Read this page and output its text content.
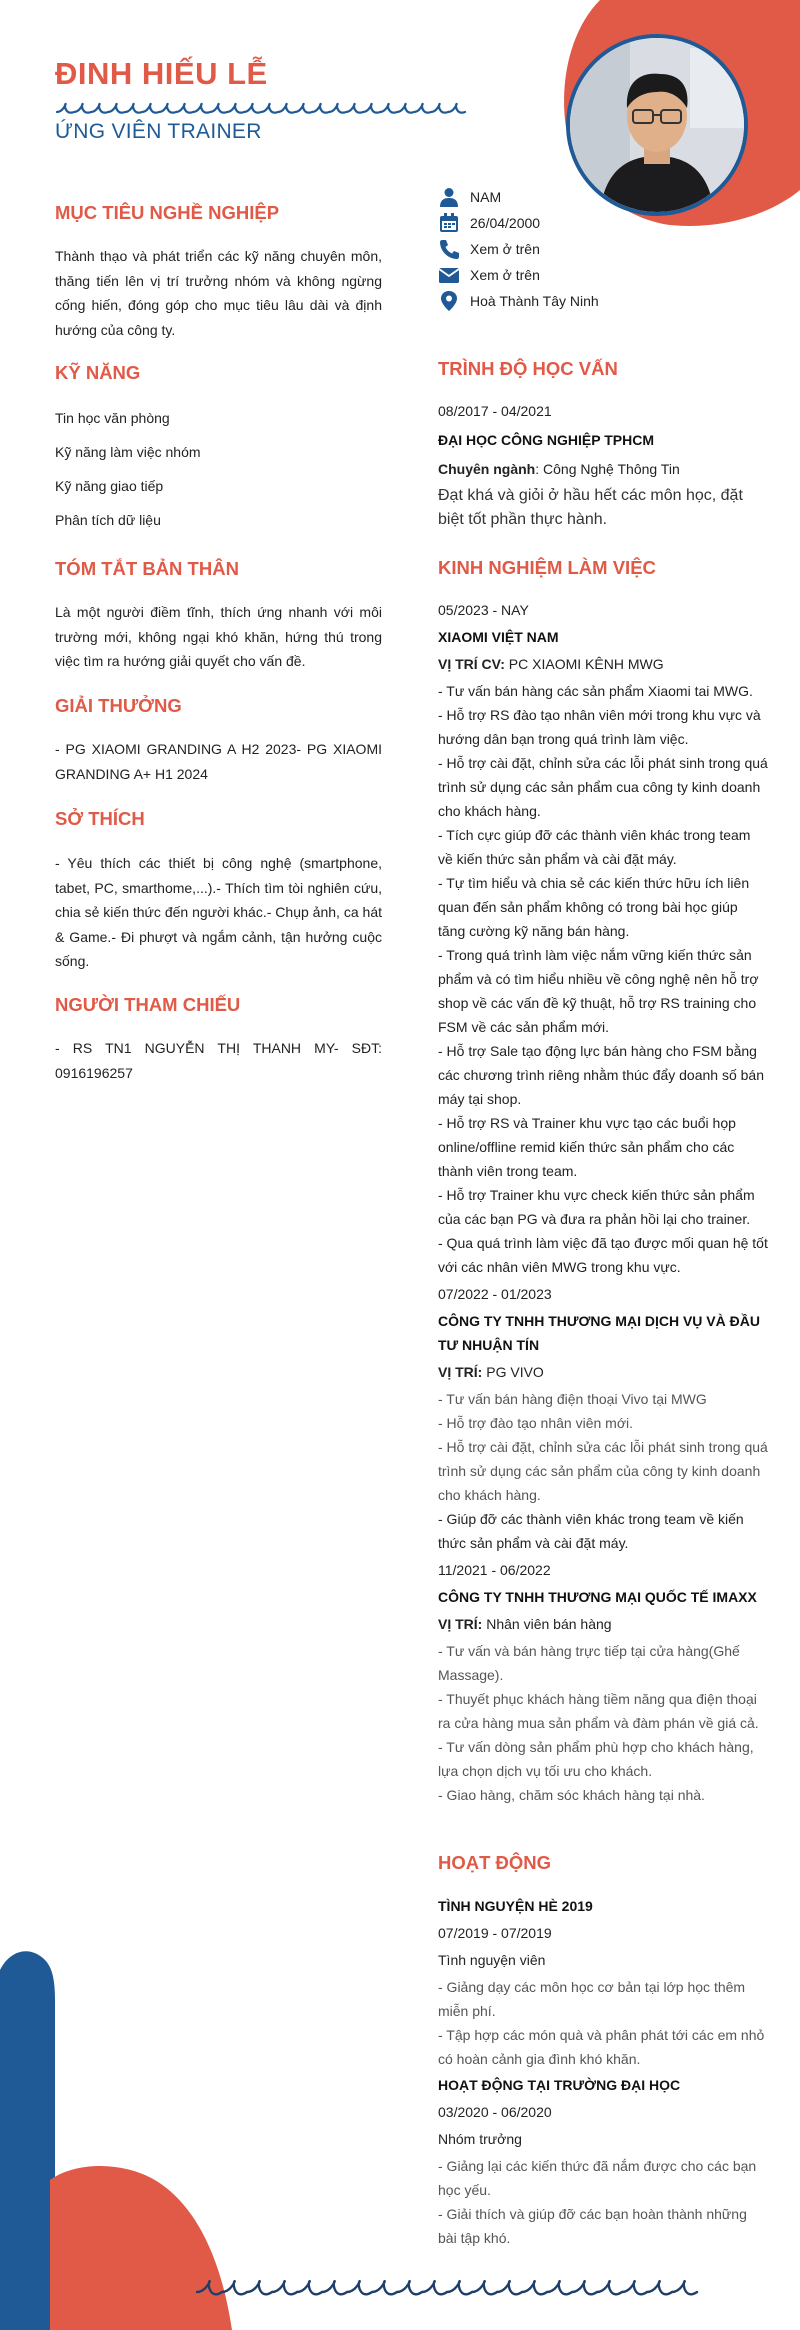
ĐINH HIẾU LỄ
ỨNG VIÊN TRAINER

MỤC TIÊU NGHỀ NGHIỆP

Thành thạo và phát triển các kỹ năng chuyên môn, thăng tiến lên vị trí trưởng nhóm và không ngừng cống hiến, đóng góp cho mục tiêu lâu dài và định hướng của công ty.

KỸ NĂNG

Tin học văn phòng
Kỹ năng làm việc nhóm
Kỹ năng giao tiếp
Phân tích dữ liệu

TÓM TẮT BẢN THÂN

Là một người điềm tĩnh, thích ứng nhanh với môi trường mới, không ngại khó khăn, hứng thú trong việc tìm ra hướng giải quyết cho vấn đề.

GIẢI THƯỞNG

- PG XIAOMI GRANDING A H2 2023- PG XIAOMI GRANDING A+ H1 2024

SỞ THÍCH

- Yêu thích các thiết bị công nghệ (smartphone, tabet, PC, smarthome,...).- Thích tìm tòi nghiên cứu, chia sẻ kiến thức đến người khác.- Chụp ảnh, ca hát & Game.- Đi phượt và ngắm cảnh, tận hưởng cuộc sống.

NGƯỜI THAM CHIẾU

- RS TN1 NGUYỄN THỊ THANH MY- SĐT: 0916196257

NAM
26/04/2000
Xem ở trên
Xem ở trên
Hoà Thành Tây Ninh

TRÌNH ĐỘ HỌC VẤN

08/2017 - 04/2021
ĐẠI HỌC CÔNG NGHIỆP TPHCM
Chuyên ngành: Công Nghệ Thông Tin
Đạt khá và giỏi ở hầu hết các môn học, đặt biệt tốt phần thực hành.

KINH NGHIỆM LÀM VIỆC

05/2023 - NAY
XIAOMI VIỆT NAM
VỊ TRÍ CV: PC XIAOMI KÊNH MWG
- Tư vấn bán hàng các sản phẩm Xiaomi tai MWG.
- Hỗ trợ RS đào tạo nhân viên mới trong khu vực và hướng dân bạn trong quá trình làm việc.
- Hỗ trợ cài đặt, chỉnh sửa các lỗi phát sinh trong quá trình sử dụng các sản phẩm cua công ty kinh doanh cho khách hàng.
- Tích cực giúp đỡ các thành viên khác trong team về kiến thức sản phẩm và cài đặt máy.
- Tự tìm hiểu và chia sẻ các kiến thức hữu ích liên quan đến sản phẩm không có trong bài học giúp tăng cường kỹ năng bán hàng.
- Trong quá trình làm việc nắm vững kiến thức sản phẩm và có tìm hiểu nhiều về công nghệ nên hỗ trợ shop về các vấn đề kỹ thuật, hỗ trợ RS training cho FSM về các sản phẩm mới.
- Hỗ trợ Sale tạo động lực bán hàng cho FSM bằng các chương trình riêng nhằm thúc đẩy doanh số bán máy tại shop.
- Hỗ trợ RS và Trainer khu vực tạo các buổi họp online/offline remid kiến thức sản phẩm cho các thành viên trong team.
- Hỗ trợ Trainer khu vực check kiến thức sản phẩm của các bạn PG và đưa ra phản hồi lại cho trainer.
- Qua quá trình làm việc đã tạo được mối quan hệ tốt với các nhân viên MWG trong khu vực.
07/2022 - 01/2023
CÔNG TY TNHH THƯƠNG MẠI DỊCH VỤ VÀ ĐẦU TƯ NHUẬN TÍN
VỊ TRÍ: PG VIVO
- Tư vấn bán hàng điện thoại Vivo tại MWG
- Hỗ trợ đào tạo nhân viên mới.
- Hỗ trợ cài đặt, chỉnh sửa các lỗi phát sinh trong quá trình sử dụng các sản phẩm của công ty kinh doanh cho khách hàng.
- Giúp đỡ các thành viên khác trong team về kiến thức sản phẩm và cài đặt máy.
11/2021 - 06/2022
CÔNG TY TNHH THƯƠNG MẠI QUỐC TẾ IMAXX
VỊ TRÍ: Nhân viên bán hàng
- Tư vấn và bán hàng trực tiếp tại cửa hàng(Ghế Massage).
- Thuyết phục khách hàng tiềm năng qua điện thoại ra cửa hàng mua sản phẩm và đàm phán về giá cả.
- Tư vấn dòng sản phẩm phù hợp cho khách hàng, lựa chọn dịch vụ tối ưu cho khách.
- Giao hàng, chăm sóc khách hàng tại nhà.

HOẠT ĐỘNG

TÌNH NGUYỆN HÈ 2019
07/2019 - 07/2019
Tình nguyện viên
- Giảng dạy các môn học cơ bản tại lớp học thêm miễn phí.
- Tập hợp các món quà và phân phát tới các em nhỏ có hoàn cảnh gia đình khó khăn.
HOẠT ĐỘNG TẠI TRƯỜNG ĐẠI HỌC
03/2020 - 06/2020
Nhóm trưởng
- Giảng lại các kiến thức đã nắm được cho các bạn học yếu.
- Giải thích và giúp đỡ các bạn hoàn thành những bài tập khó.
